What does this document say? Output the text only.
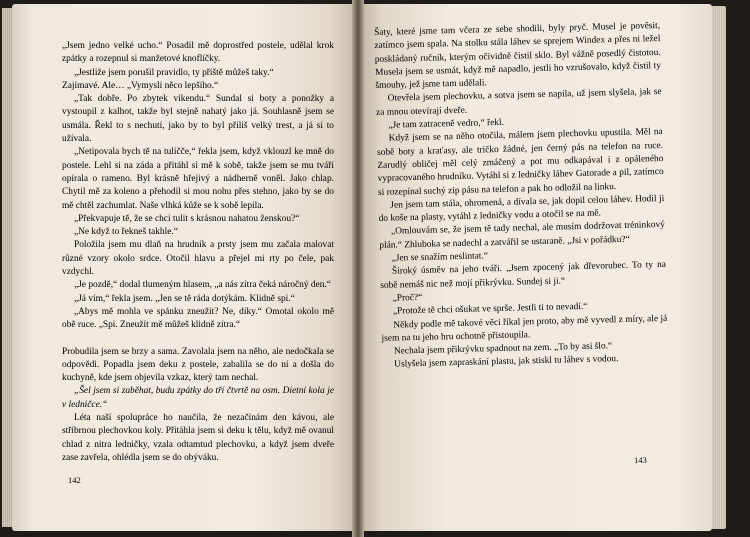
„Jsem jedno velké ucho.“ Posadil mě doprostřed postele, udělal krok zpátky a rozepnul si manžetové knoflíčky.

„Jestliže jsem porušil pravidlo, ty příště můžeš taky.“

Zajímavé. Ale… „Vymysli něco lepšího.“

„Tak dobře. Po zbytek víkendu.“ Sundal si boty a ponožky a vystoupil z kalhot, takže byl stejně nahatý jako já. Souhlasně jsem se usmála. Řekl to s nechutí, jako by to byl příliš velký trest, a já si to užívala.

„Netipovala bych tě na tuličče,“ řekla jsem, když vklouzl ke mně do postele. Lehl si na záda a přitáhl si mě k sobě, takže jsem se mu tváří opírala o rameno. Byl krásně hřejivý a nádherně voněl. Jako chlap. Chytil mě za koleno a přehodil si mou nohu přes stehno, jako by se do mě chtěl zachumlat. Naše vlhká kůže se k sobě lepila.

„Překvapuje tě, že se chci tulit s krásnou nahatou ženskou?“

„Ne když to řekneš takhle.“

Položila jsem mu dlaň na hrudník a prsty jsem mu začala malovat různé vzory okolo srdce. Otočil hlavu a přejel mi rty po čele, pak vzdychl.

„Je pozdě,“ dodal tlumeným hlasem, „a nás zítra čeká náročný den.“

„Já vím,“ řekla jsem. „Jen se tě ráda dotýkám. Klidně spi.“

„Abys mě mohla ve spánku zneužít? Ne, díky.“ Omotal okolo mě obě ruce. „Spi. Zneužít mě můžeš klidně zítra.“

Probudila jsem se brzy a sama. Zavolala jsem na něho, ale nedočkala se odpovědi. Popadla jsem deku z postele, zabalila se do ní a došla do kuchyně, kde jsem objevila vzkaz, který tam nechal.

„Šel jsem si zaběhat, budu zpátky do tří čtvrtě na osm. Dietní kola je v ledničce.“

Léta naší spolupráce ho naučila, že nezačínám den kávou, ale stříbrnou plechovkou koly. Přitáhla jsem si deku k tělu, když mě ovanul chlad z nitra ledničky, vzala odtamtud plechovku, a když jsem dveře zase zavřela, ohlédla jsem se do obýváku.

142

Šaty, které jsme tam včera ze sebe shodili, byly pryč. Musel je pověsit, zatímco jsem spala. Na stolku stála láhev se sprejem Windex a přes ni ležel poskládaný ručník, kterým očividně čistil sklo. Byl vážně posedlý čistotou. Musela jsem se usmát, když mě napadlo, jestli ho vzrušovalo, když čistil ty šmouhy, jež jsme tam udělali.

Otevřela jsem plechovku, a sotva jsem se napila, už jsem slyšela, jak se za mnou otevírají dveře.

„Je tam zatraceně vedro,“ řekl.

Když jsem se na něho otočila, málem jsem plechovku upustila. Měl na sobě boty a kraťasy, ale tričko žádné, jen černý pás na telefon na ruce. Zarudlý obličej měl celý zmáčený a pot mu odkapával i z opáleného vypracovaného hrudníku. Vytáhl si z ledničky láhev Gatorade a pil, zatímco si rozepínal suchý zip pásu na telefon a pak ho odložil na linku.

Jen jsem tam stála, ohromená, a dívala se, jak dopil celou láhev. Hodil ji do koše na plasty, vytáhl z ledničky vodu a otočil se na mě.

„Omlouvám se, že jsem tě tady nechal, ale musím dodržovat tréninkový plán.“ Zhluboka se nadechl a zatvářil se ustaraně. „Jsi v pořádku?“

„Jen se snažím neslintat.“

Široký úsměv na jeho tváři. „Jsem zpocený jak dřevorubec. To ty na sobě nemáš nic než mojí přikrývku. Sundej si ji.“

„Proč?“

„Protože tě chci ošukat ve sprše. Jestli ti to nevadí.“

Někdy podle mě takové věci říkal jen proto, aby mě vyvedl z míry, ale já jsem na tu jeho hru ochotně přistoupila.

Nechala jsem přikrývku spadnout na zem. „To by asi šlo.“

Uslyšela jsem zapraskání plastu, jak stiskl tu láhev s vodou.

143
